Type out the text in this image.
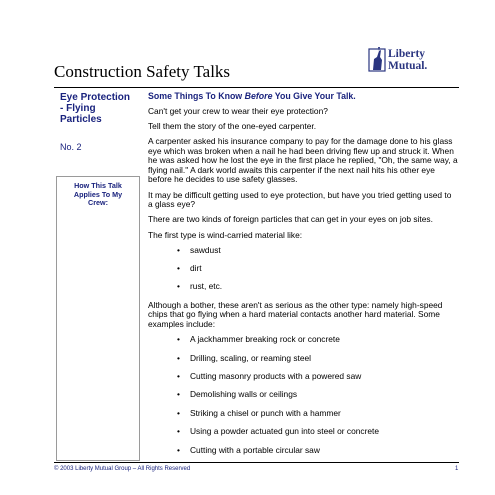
Construction Safety Talks
Liberty
Mutual.

Eye Protection - Flying Particles

No. 2
How This Talk Applies To My Crew:

Some Things To Know Before You Give Your Talk.

Can't get your crew to wear their eye protection?

Tell them the story of the one-eyed carpenter.

A carpenter asked his insurance company to pay for the damage done to his glass eye which was broken when a nail he had been driving flew up and struck it. When he was asked how he lost the eye in the first place he replied, "Oh, the same way, a flying nail." A dark world awaits this carpenter if the next nail hits his other eye before he decides to use safety glasses.

It may be difficult getting used to eye protection, but have you tried getting used to a glass eye?

There are two kinds of foreign particles that can get in your eyes on job sites.

The first type is wind-carried material like:

• sawdust
• dirt
• rust, etc.

Although a bother, these aren't as serious as the other type: namely high-speed chips that go flying when a hard material contacts another hard material. Some examples include:

• A jackhammer breaking rock or concrete
• Drilling, scaling, or reaming steel
• Cutting masonry products with a powered saw
• Demolishing walls or ceilings
• Striking a chisel or punch with a hammer
• Using a powder actuated gun into steel or concrete
• Cutting with a portable circular saw
© 2003 Liberty Mutual Group – All Rights Reserved	1
